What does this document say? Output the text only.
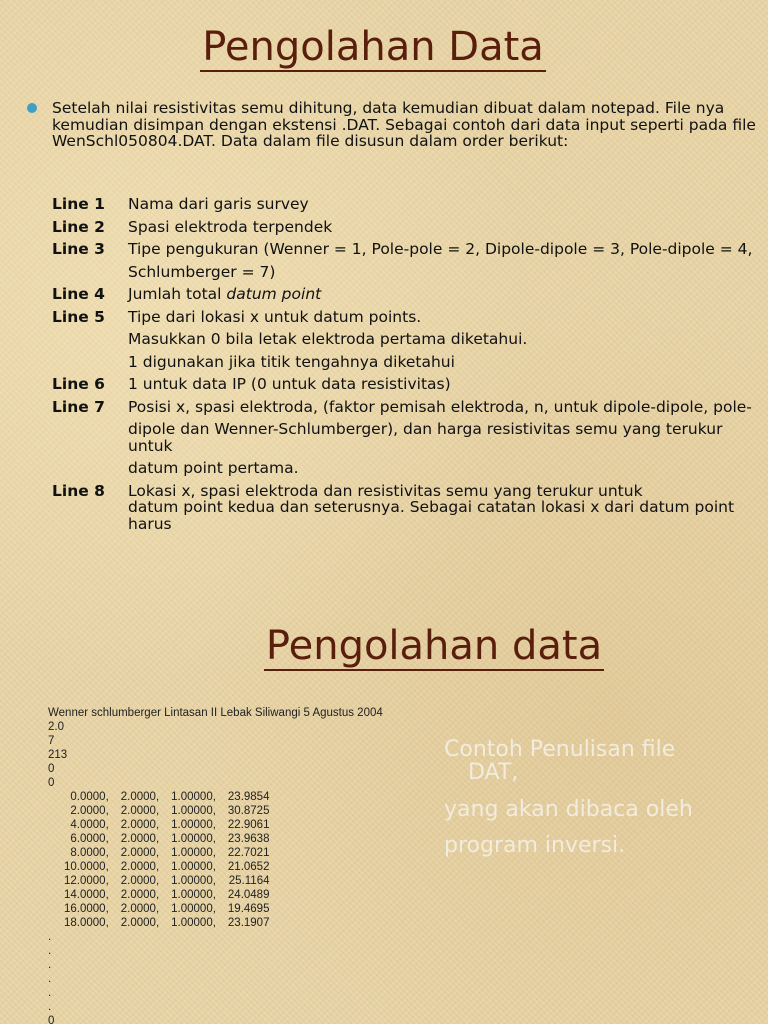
Pengolahan Data

Setelah nilai resistivitas semu dihitung, data kemudian dibuat dalam notepad. File nya kemudian disimpan dengan ekstensi .DAT. Sebagai contoh dari data input seperti pada file WenSchl050804.DAT. Data dalam file disusun dalam order berikut:

Line 1 Nama dari garis survey
Line 2 Spasi elektroda terpendek
Line 3 Tipe pengukuran (Wenner = 1, Pole-pole = 2, Dipole-dipole = 3, Pole-dipole = 4,
Schlumberger = 7)
Line 4 Jumlah total datum point
Line 5 Tipe dari lokasi x untuk datum points.
Masukkan 0 bila letak elektroda pertama diketahui.
1 digunakan jika titik tengahnya diketahui
Line 6 1 untuk data IP (0 untuk data resistivitas)
Line 7 Posisi x, spasi elektroda, (faktor pemisah elektroda, n, untuk dipole-dipole, pole-
dipole dan Wenner-Schlumberger), dan harga resistivitas semu yang terukur untuk
datum point pertama.
Line 8 Lokasi x, spasi elektroda dan resistivitas semu yang terukur untuk
datum point kedua dan seterusnya. Sebagai catatan lokasi x dari datum point harus
Pengolahan data
Wenner schlumberger Lintasan II Lebak Siliwangi 5 Agustus 2004
2.0
7
213
0
0
0.0000,	2.0000,	1.00000,	23.9854
2.0000,	2.0000,	1.00000,	30.8725
4.0000,	2.0000,	1.00000,	22.9061
6.0000,	2.0000,	1.00000,	23.9638
8.0000,	2.0000,	1.00000,	22.7021
10.0000,	2.0000,	1.00000,	21.0652
12.0000,	2.0000,	1.00000,	25.1164
14.0000,	2.0000,	1.00000,	24.0489
16.0000,	2.0000,	1.00000,	19.4695
18.0000,	2.0000,	1.00000,	23.1907
.
.
.
.
.
.
0
Contoh Penulisan file
DAT,
yang akan dibaca oleh
program inversi.
